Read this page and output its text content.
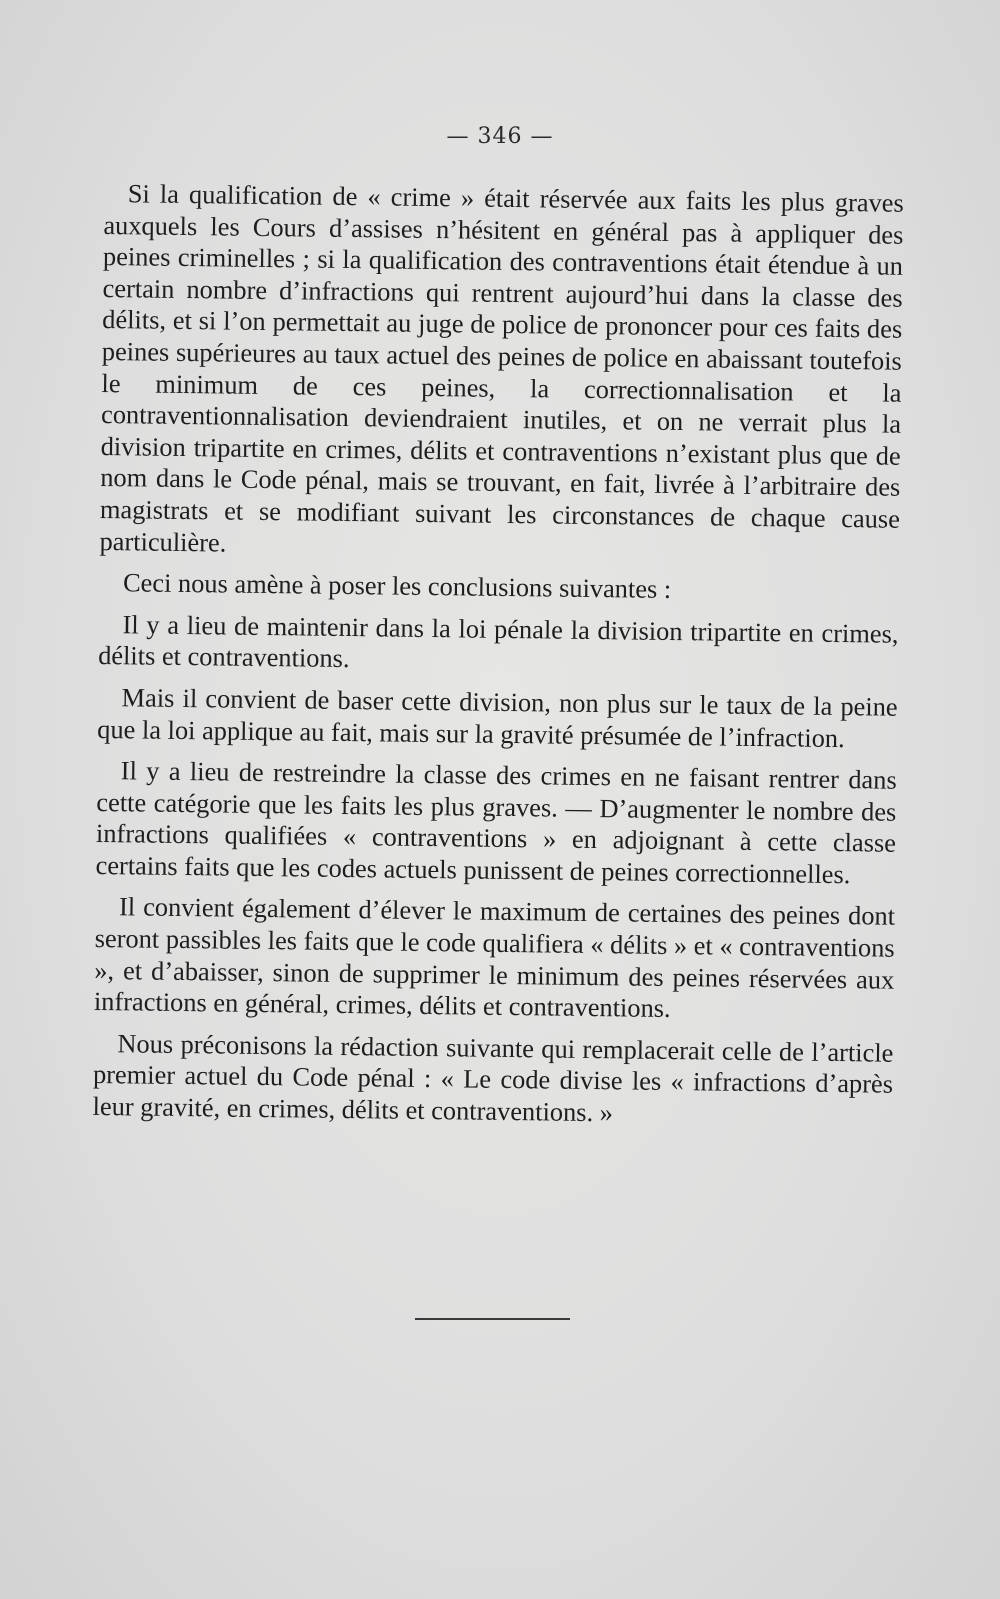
— 346 —

Si la qualification de « crime » était réservée aux faits les plus graves auxquels les Cours d’assises n’hésitent en général pas à appliquer des peines criminelles ; si la qualification des contraventions était étendue à un certain nombre d’infractions qui rentrent aujourd’hui dans la classe des délits, et si l’on permettait au juge de police de prononcer pour ces faits des peines supérieures au taux actuel des peines de police en abaissant toutefois le minimum de ces peines, la correctionnalisation et la contraventionnalisation deviendraient inutiles, et on ne verrait plus la division tripartite en crimes, délits et contraventions n’existant plus que de nom dans le Code pénal, mais se trouvant, en fait, livrée à l’arbitraire des magistrats et se modifiant suivant les circonstances de chaque cause particulière.

Ceci nous amène à poser les conclusions suivantes :

Il y a lieu de maintenir dans la loi pénale la division tripartite en crimes, délits et contraventions.

Mais il convient de baser cette division, non plus sur le taux de la peine que la loi applique au fait, mais sur la gravité présumée de l’infraction.

Il y a lieu de restreindre la classe des crimes en ne faisant rentrer dans cette catégorie que les faits les plus graves. — D’augmenter le nombre des infractions qualifiées « contraventions » en adjoignant à cette classe certains faits que les codes actuels punissent de peines correctionnelles.

Il convient également d’élever le maximum de certaines des peines dont seront passibles les faits que le code qualifiera « délits » et « contraventions », et d’abaisser, sinon de supprimer le minimum des peines réservées aux infractions en général, crimes, délits et contraventions.

Nous préconisons la rédaction suivante qui remplacerait celle de l’article premier actuel du Code pénal : « Le code divise les « infractions d’après leur gravité, en crimes, délits et contraventions. »
